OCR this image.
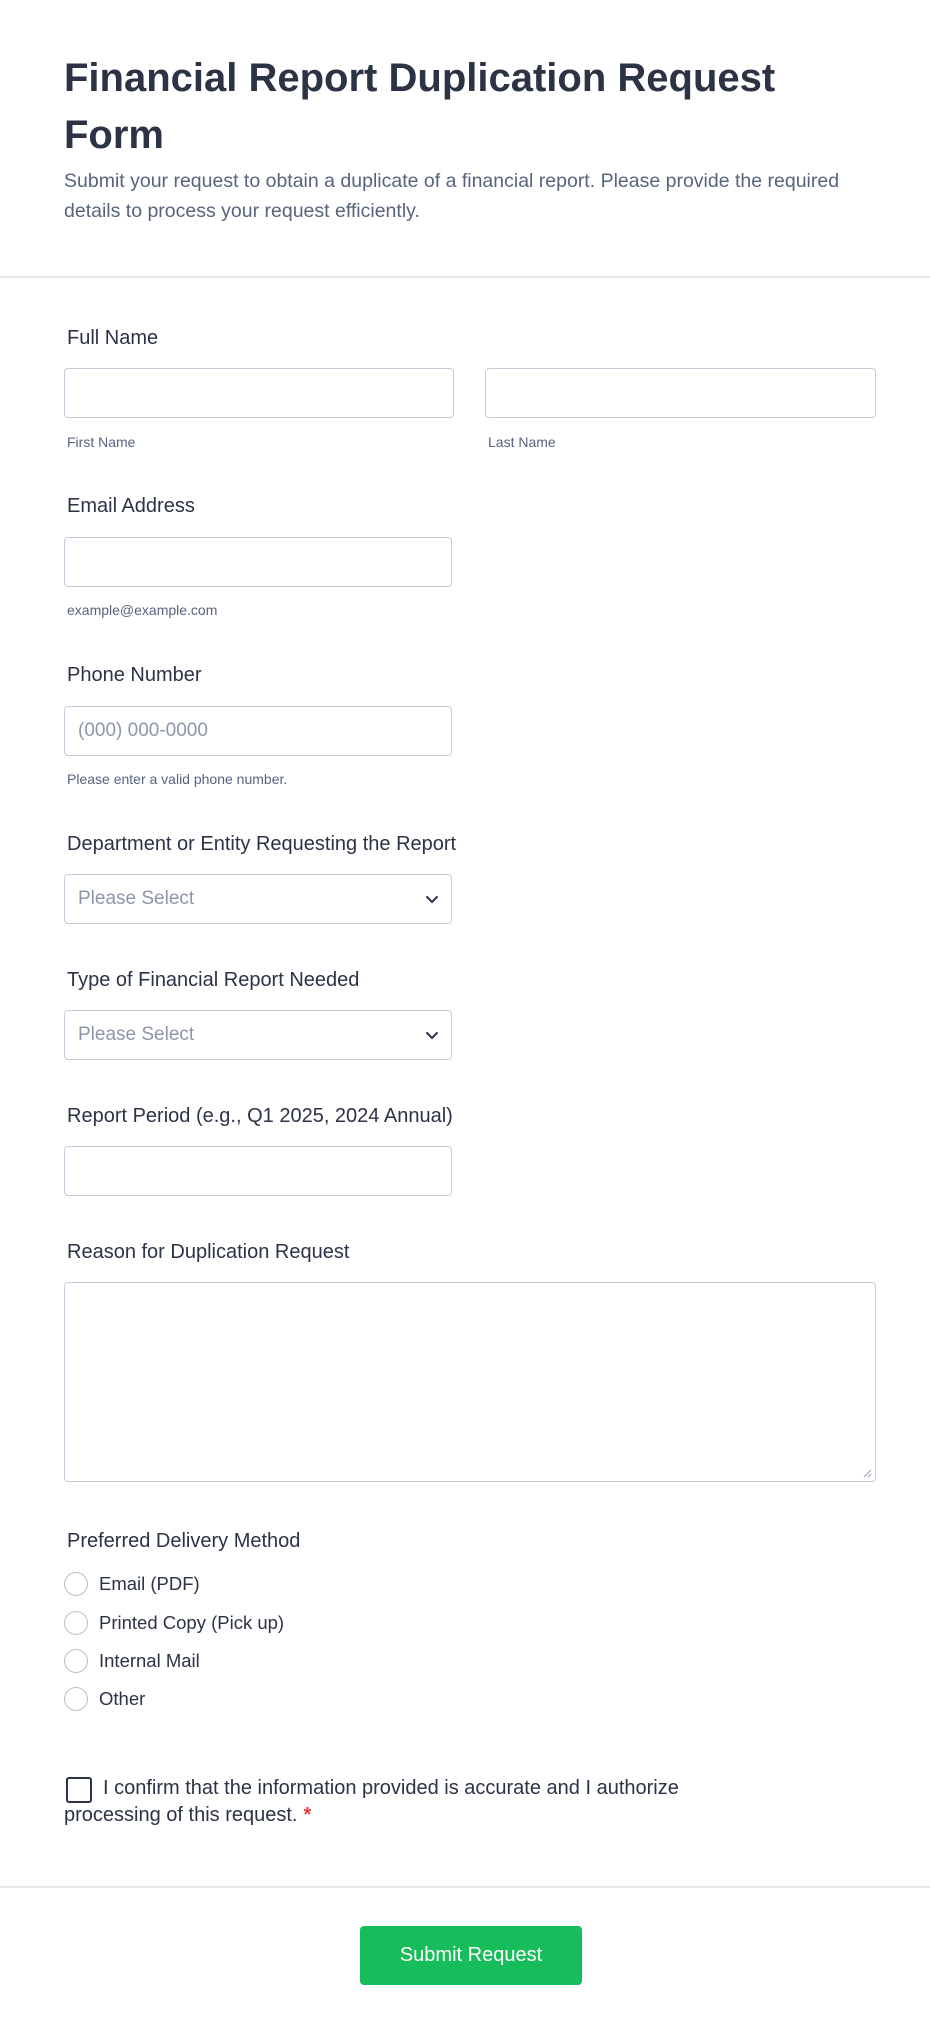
Financial Report Duplication Request Form

Submit your request to obtain a duplicate of a financial report. Please provide the required details to process your request efficiently.

Full Name
First Name	Last Name
Email Address
example@example.com
Phone Number
(000) 000-0000
Please enter a valid phone number.
Department or Entity Requesting the Report
Please Select
Type of Financial Report Needed
Please Select
Report Period (e.g., Q1 2025, 2024 Annual)
Reason for Duplication Request
Preferred Delivery Method
Email (PDF)
Printed Copy (Pick up)
Internal Mail
Other

I confirm that the information provided is accurate and I authorize processing of this request. *

Submit Request
